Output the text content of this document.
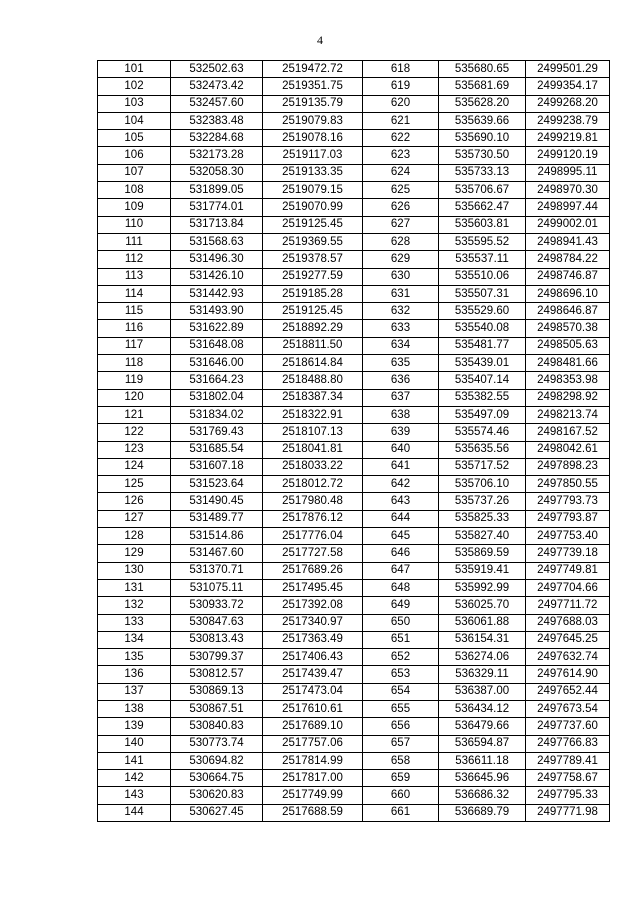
4
101	532502.63	2519472.72	618	535680.65	2499501.29
102	532473.42	2519351.75	619	535681.69	2499354.17
103	532457.60	2519135.79	620	535628.20	2499268.20
104	532383.48	2519079.83	621	535639.66	2499238.79
105	532284.68	2519078.16	622	535690.10	2499219.81
106	532173.28	2519117.03	623	535730.50	2499120.19
107	532058.30	2519133.35	624	535733.13	2498995.11
108	531899.05	2519079.15	625	535706.67	2498970.30
109	531774.01	2519070.99	626	535662.47	2498997.44
110	531713.84	2519125.45	627	535603.81	2499002.01
111	531568.63	2519369.55	628	535595.52	2498941.43
112	531496.30	2519378.57	629	535537.11	2498784.22
113	531426.10	2519277.59	630	535510.06	2498746.87
114	531442.93	2519185.28	631	535507.31	2498696.10
115	531493.90	2519125.45	632	535529.60	2498646.87
116	531622.89	2518892.29	633	535540.08	2498570.38
117	531648.08	2518811.50	634	535481.77	2498505.63
118	531646.00	2518614.84	635	535439.01	2498481.66
119	531664.23	2518488.80	636	535407.14	2498353.98
120	531802.04	2518387.34	637	535382.55	2498298.92
121	531834.02	2518322.91	638	535497.09	2498213.74
122	531769.43	2518107.13	639	535574.46	2498167.52
123	531685.54	2518041.81	640	535635.56	2498042.61
124	531607.18	2518033.22	641	535717.52	2497898.23
125	531523.64	2518012.72	642	535706.10	2497850.55
126	531490.45	2517980.48	643	535737.26	2497793.73
127	531489.77	2517876.12	644	535825.33	2497793.87
128	531514.86	2517776.04	645	535827.40	2497753.40
129	531467.60	2517727.58	646	535869.59	2497739.18
130	531370.71	2517689.26	647	535919.41	2497749.81
131	531075.11	2517495.45	648	535992.99	2497704.66
132	530933.72	2517392.08	649	536025.70	2497711.72
133	530847.63	2517340.97	650	536061.88	2497688.03
134	530813.43	2517363.49	651	536154.31	2497645.25
135	530799.37	2517406.43	652	536274.06	2497632.74
136	530812.57	2517439.47	653	536329.11	2497614.90
137	530869.13	2517473.04	654	536387.00	2497652.44
138	530867.51	2517610.61	655	536434.12	2497673.54
139	530840.83	2517689.10	656	536479.66	2497737.60
140	530773.74	2517757.06	657	536594.87	2497766.83
141	530694.82	2517814.99	658	536611.18	2497789.41
142	530664.75	2517817.00	659	536645.96	2497758.67
143	530620.83	2517749.99	660	536686.32	2497795.33
144	530627.45	2517688.59	661	536689.79	2497771.98
